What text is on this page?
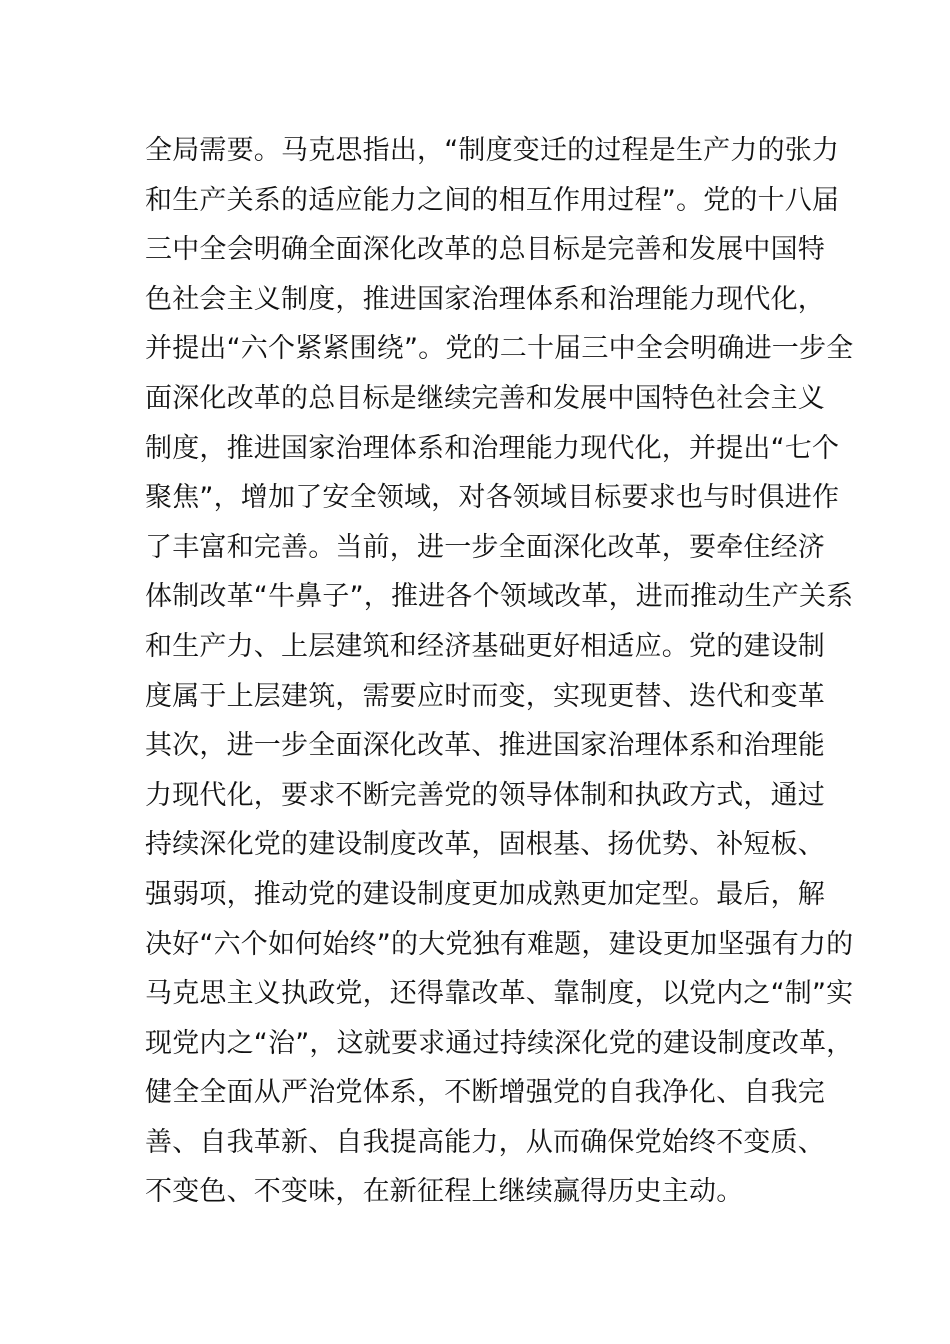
全局需要。马克思指出，“制度变迁的过程是生产力的张力
和生产关系的适应能力之间的相互作用过程”。党的十八届
三中全会明确全面深化改革的总目标是完善和发展中国特
色社会主义制度，推进国家治理体系和治理能力现代化，
并提出“六个紧紧围绕”。党的二十届三中全会明确进一步全
面深化改革的总目标是继续完善和发展中国特色社会主义
制度，推进国家治理体系和治理能力现代化，并提出“七个
聚焦”，增加了安全领域，对各领域目标要求也与时俱进作
了丰富和完善。当前，进一步全面深化改革，要牵住经济
体制改革“牛鼻子”，推进各个领域改革，进而推动生产关系
和生产力、上层建筑和经济基础更好相适应。党的建设制
度属于上层建筑，需要应时而变，实现更替、迭代和变革
其次，进一步全面深化改革、推进国家治理体系和治理能
力现代化，要求不断完善党的领导体制和执政方式，通过
持续深化党的建设制度改革，固根基、扬优势、补短板、
强弱项，推动党的建设制度更加成熟更加定型。最后，解
决好“六个如何始终”的大党独有难题，建设更加坚强有力的
马克思主义执政党，还得靠改革、靠制度，以党内之“制”实
现党内之“治”，这就要求通过持续深化党的建设制度改革，
健全全面从严治党体系，不断增强党的自我净化、自我完
善、自我革新、自我提高能力，从而确保党始终不变质、
不变色、不变味，在新征程上继续赢得历史主动。
